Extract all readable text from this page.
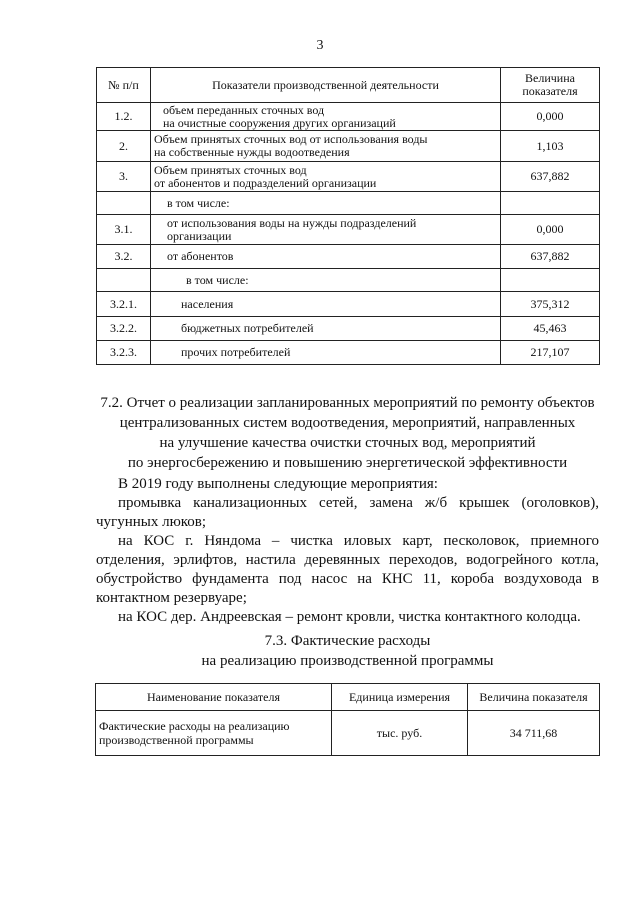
3
№ п/п	Показатели производственной деятельности	Величина
показателя
1.2.	объем переданных сточных вод
на очистные сооружения других организаций	0,000
2.	Объем принятых сточных вод от использования воды
на собственные нужды водоотведения	1,103
3.	Объем принятых сточных вод
от абонентов и подразделений организации	637,882
	в том числе:	
3.1.	от использования воды на нужды подразделений
организации	0,000
3.2.	от абонентов	637,882
	в том числе:	
3.2.1.	населения	375,312
3.2.2.	бюджетных потребителей	45,463
3.2.3.	прочих потребителей	217,107
7.2. Отчет о реализации запланированных мероприятий по ремонту объектов
централизованных систем водоотведения, мероприятий, направленных
на улучшение качества очистки сточных вод, мероприятий
по энергосбережению и повышению энергетической эффективности

В 2019 году выполнены следующие мероприятия:

промывка канализационных сетей, замена ж/б крышек (оголовков), чугунных люков;

на КОС г. Няндома – чистка иловых карт, песколовок, приемного отделения, эрлифтов, настила деревянных переходов, водогрейного котла, обустройство фундамента под насос на КНС 11, короба воздуховода в контактном резервуаре;

на КОС дер. Андреевская – ремонт кровли, чистка контактного колодца.

7.3. Фактические расходы
на реализацию производственной программы
Наименование показателя	Единица измерения	Величина показателя
Фактические расходы на реализацию
производственной программы	тыс. руб.	34 711,68
